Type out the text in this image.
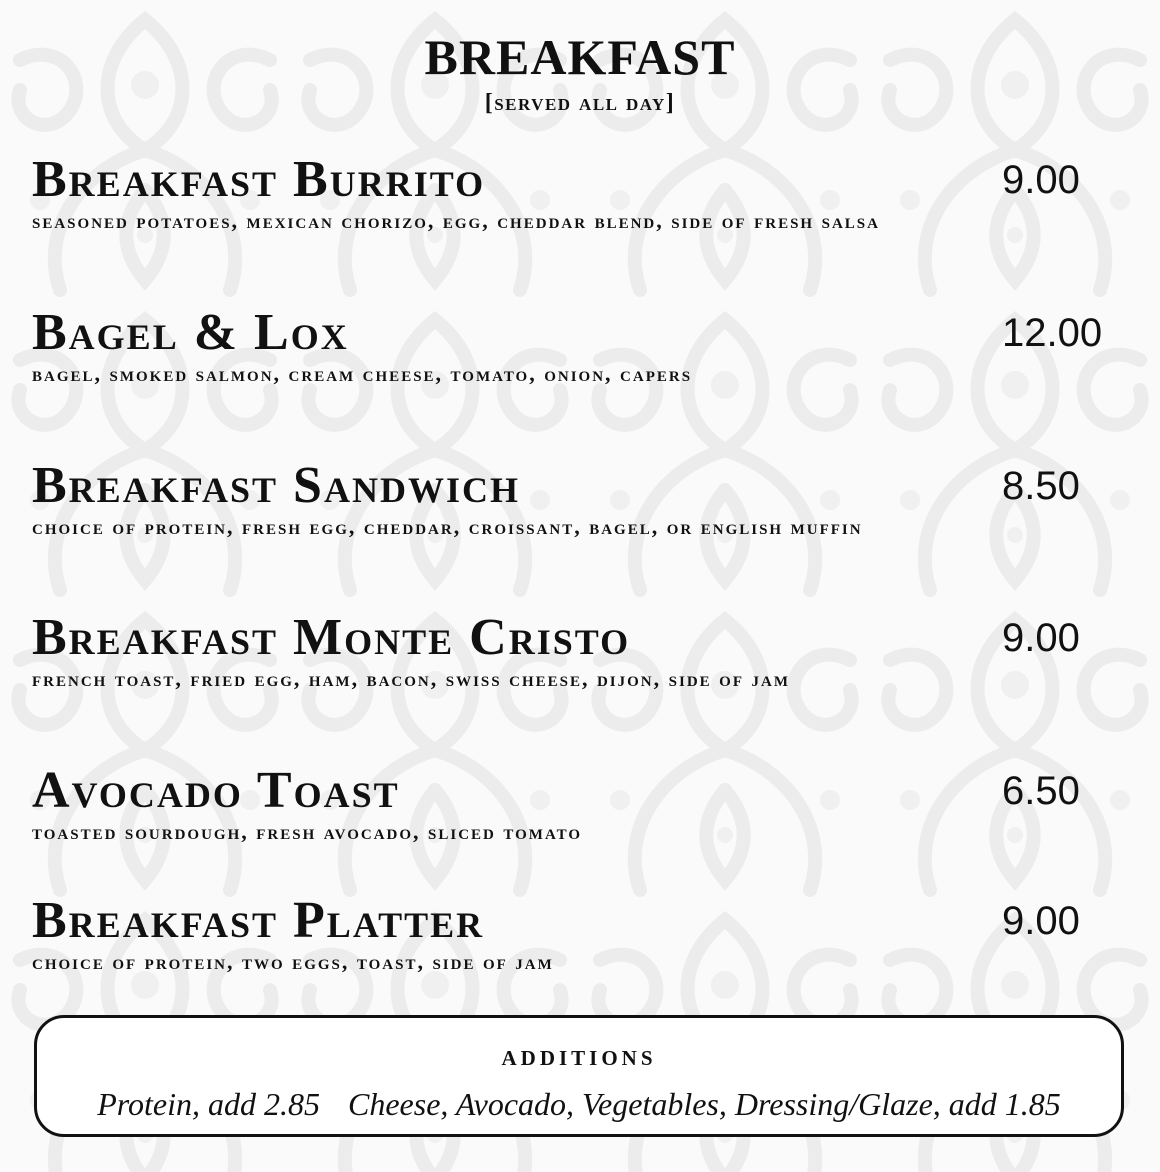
BREAKFAST
[served all day]
Breakfast Burrito
seasoned potatoes, mexican chorizo, egg, cheddar blend, side of fresh salsa
9.00
Bagel & Lox
bagel, smoked salmon, cream cheese, tomato, onion, capers
12.00
Breakfast Sandwich
choice of protein, fresh egg, cheddar, croissant, bagel, or english muffin
8.50
Breakfast Monte Cristo
french toast, fried egg, ham, bacon, swiss cheese, dijon, side of jam
9.00
Avocado Toast
toasted sourdough, fresh avocado, sliced tomato
6.50
Breakfast Platter
choice of protein, two eggs, toast, side of jam
9.00
additions
Protein, add 2.85 Cheese, Avocado, Vegetables, Dressing/Glaze, add 1.85
